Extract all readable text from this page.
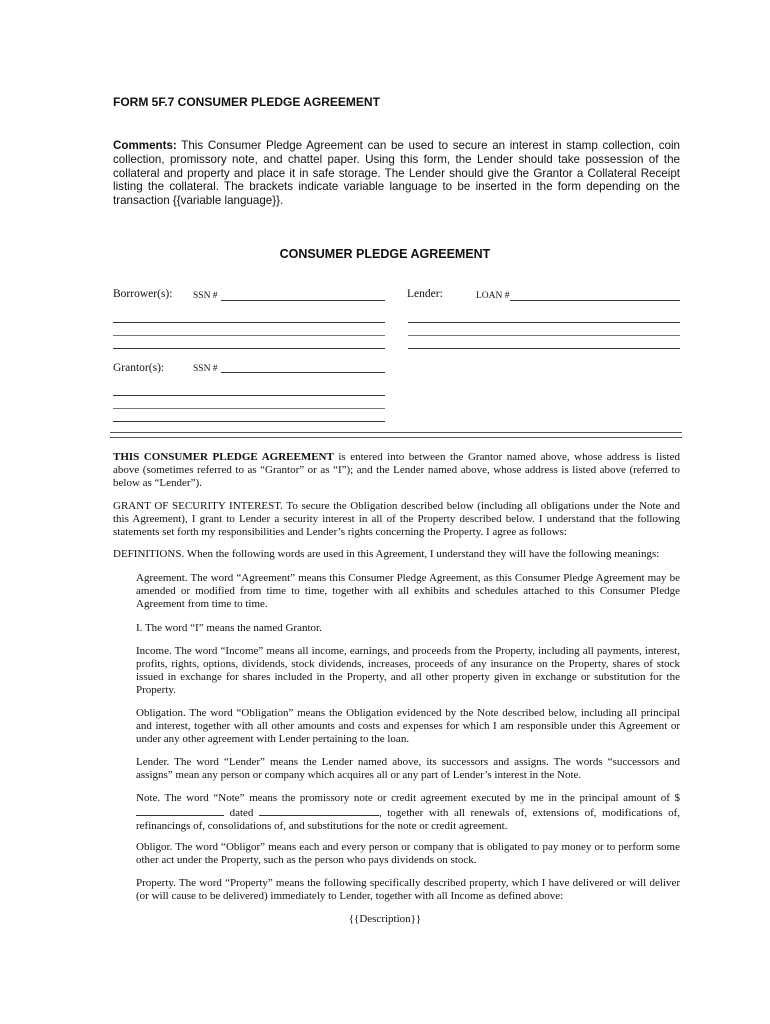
FORM 5F.7 CONSUMER PLEDGE AGREEMENT
Comments: This Consumer Pledge Agreement can be used to secure an interest in stamp collection, coin collection, promissory note, and chattel paper. Using this form, the Lender should take possession of the collateral and property and place it in safe storage. The Lender should give the Grantor a Collateral Receipt listing the collateral. The brackets indicate variable language to be inserted in the form depending on the transaction {{variable language}}.
CONSUMER PLEDGE AGREEMENT
Borrower(s): SSN #	Lender:	LOAN #
Grantor(s):	SSN #
THIS CONSUMER PLEDGE AGREEMENT is entered into between the Grantor named above, whose address is listed above (sometimes referred to as “Grantor” or as “I”); and the Lender named above, whose address is listed above (referred to below as “Lender”).
GRANT OF SECURITY INTEREST. To secure the Obligation described below (including all obligations under the Note and this Agreement), I grant to Lender a security interest in all of the Property described below. I understand that the following statements set forth my responsibilities and Lender’s rights concerning the Property. I agree as follows:
DEFINITIONS. When the following words are used in this Agreement, I understand they will have the following meanings:
Agreement. The word “Agreement” means this Consumer Pledge Agreement, as this Consumer Pledge Agreement may be amended or modified from time to time, together with all exhibits and schedules attached to this Consumer Pledge Agreement from time to time.
I. The word “I” means the named Grantor.
Income. The word “Income” means all income, earnings, and proceeds from the Property, including all payments, interest, profits, rights, options, dividends, stock dividends, increases, proceeds of any insurance on the Property, shares of stock issued in exchange for shares included in the Property, and all other property given in exchange or substitution for the Property.
Obligation. The word “Obligation” means the Obligation evidenced by the Note described below, including all principal and interest, together with all other amounts and costs and expenses for which I am responsible under this Agreement or under any other agreement with Lender pertaining to the loan.
Lender. The word “Lender” means the Lender named above, its successors and assigns. The words “successors and assigns” mean any person or company which acquires all or any part of Lender’s interest in the Note.
Note. The word “Note” means the promissory note or credit agreement executed by me in the principal amount of $ dated	, together with all renewals of, extensions of, modifications of, refinancings of, consolidations of, and substitutions for the note or credit agreement.
Obligor. The word “Obligor” means each and every person or company that is obligated to pay money or to perform some other act under the Property, such as the person who pays dividends on stock.
Property. The word “Property” means the following specifically described property, which I have delivered or will deliver (or will cause to be delivered) immediately to Lender, together with all Income as defined above:
{{Description}}
